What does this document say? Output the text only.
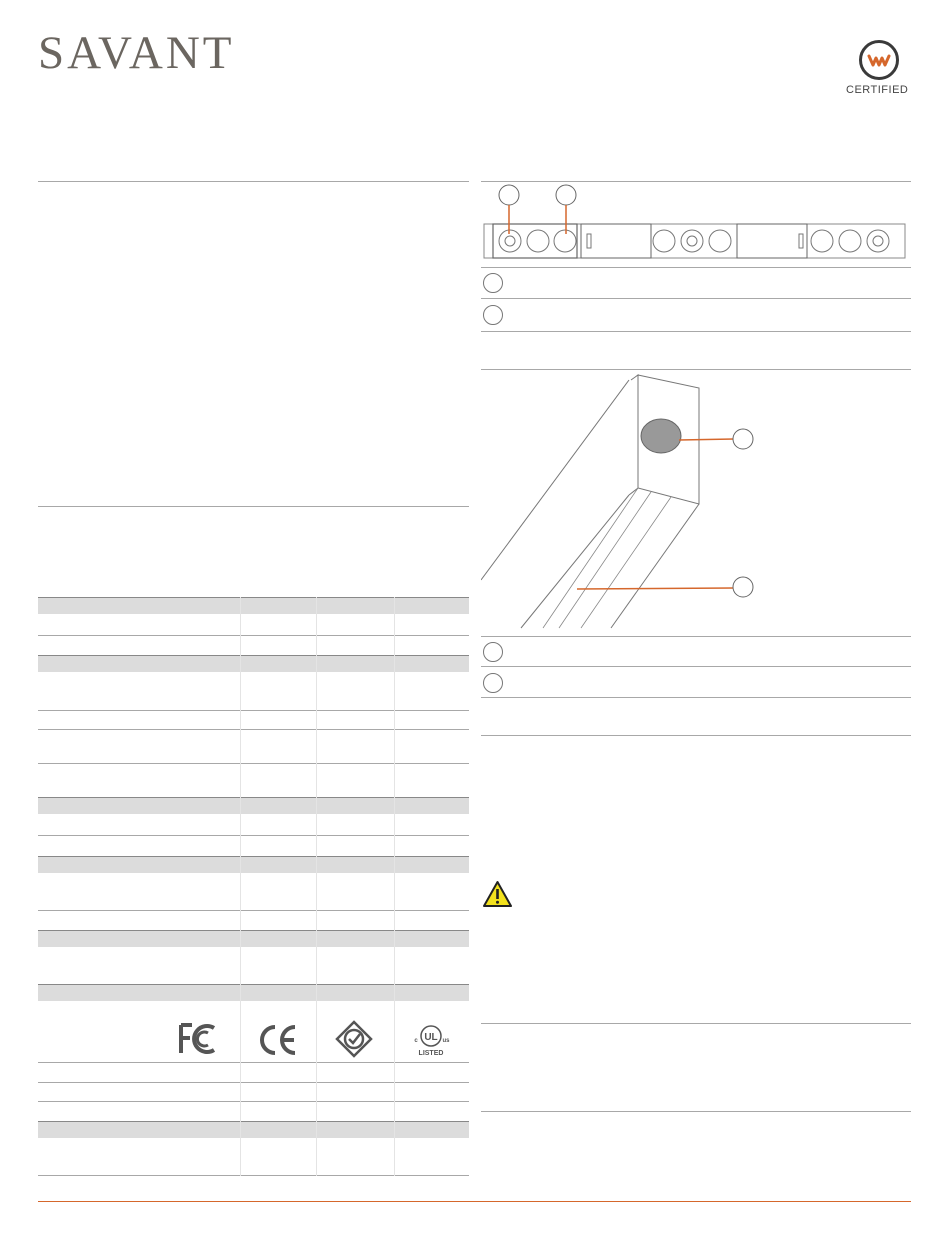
SAVANT
CERTIFIED
UL
c	us
LISTED
